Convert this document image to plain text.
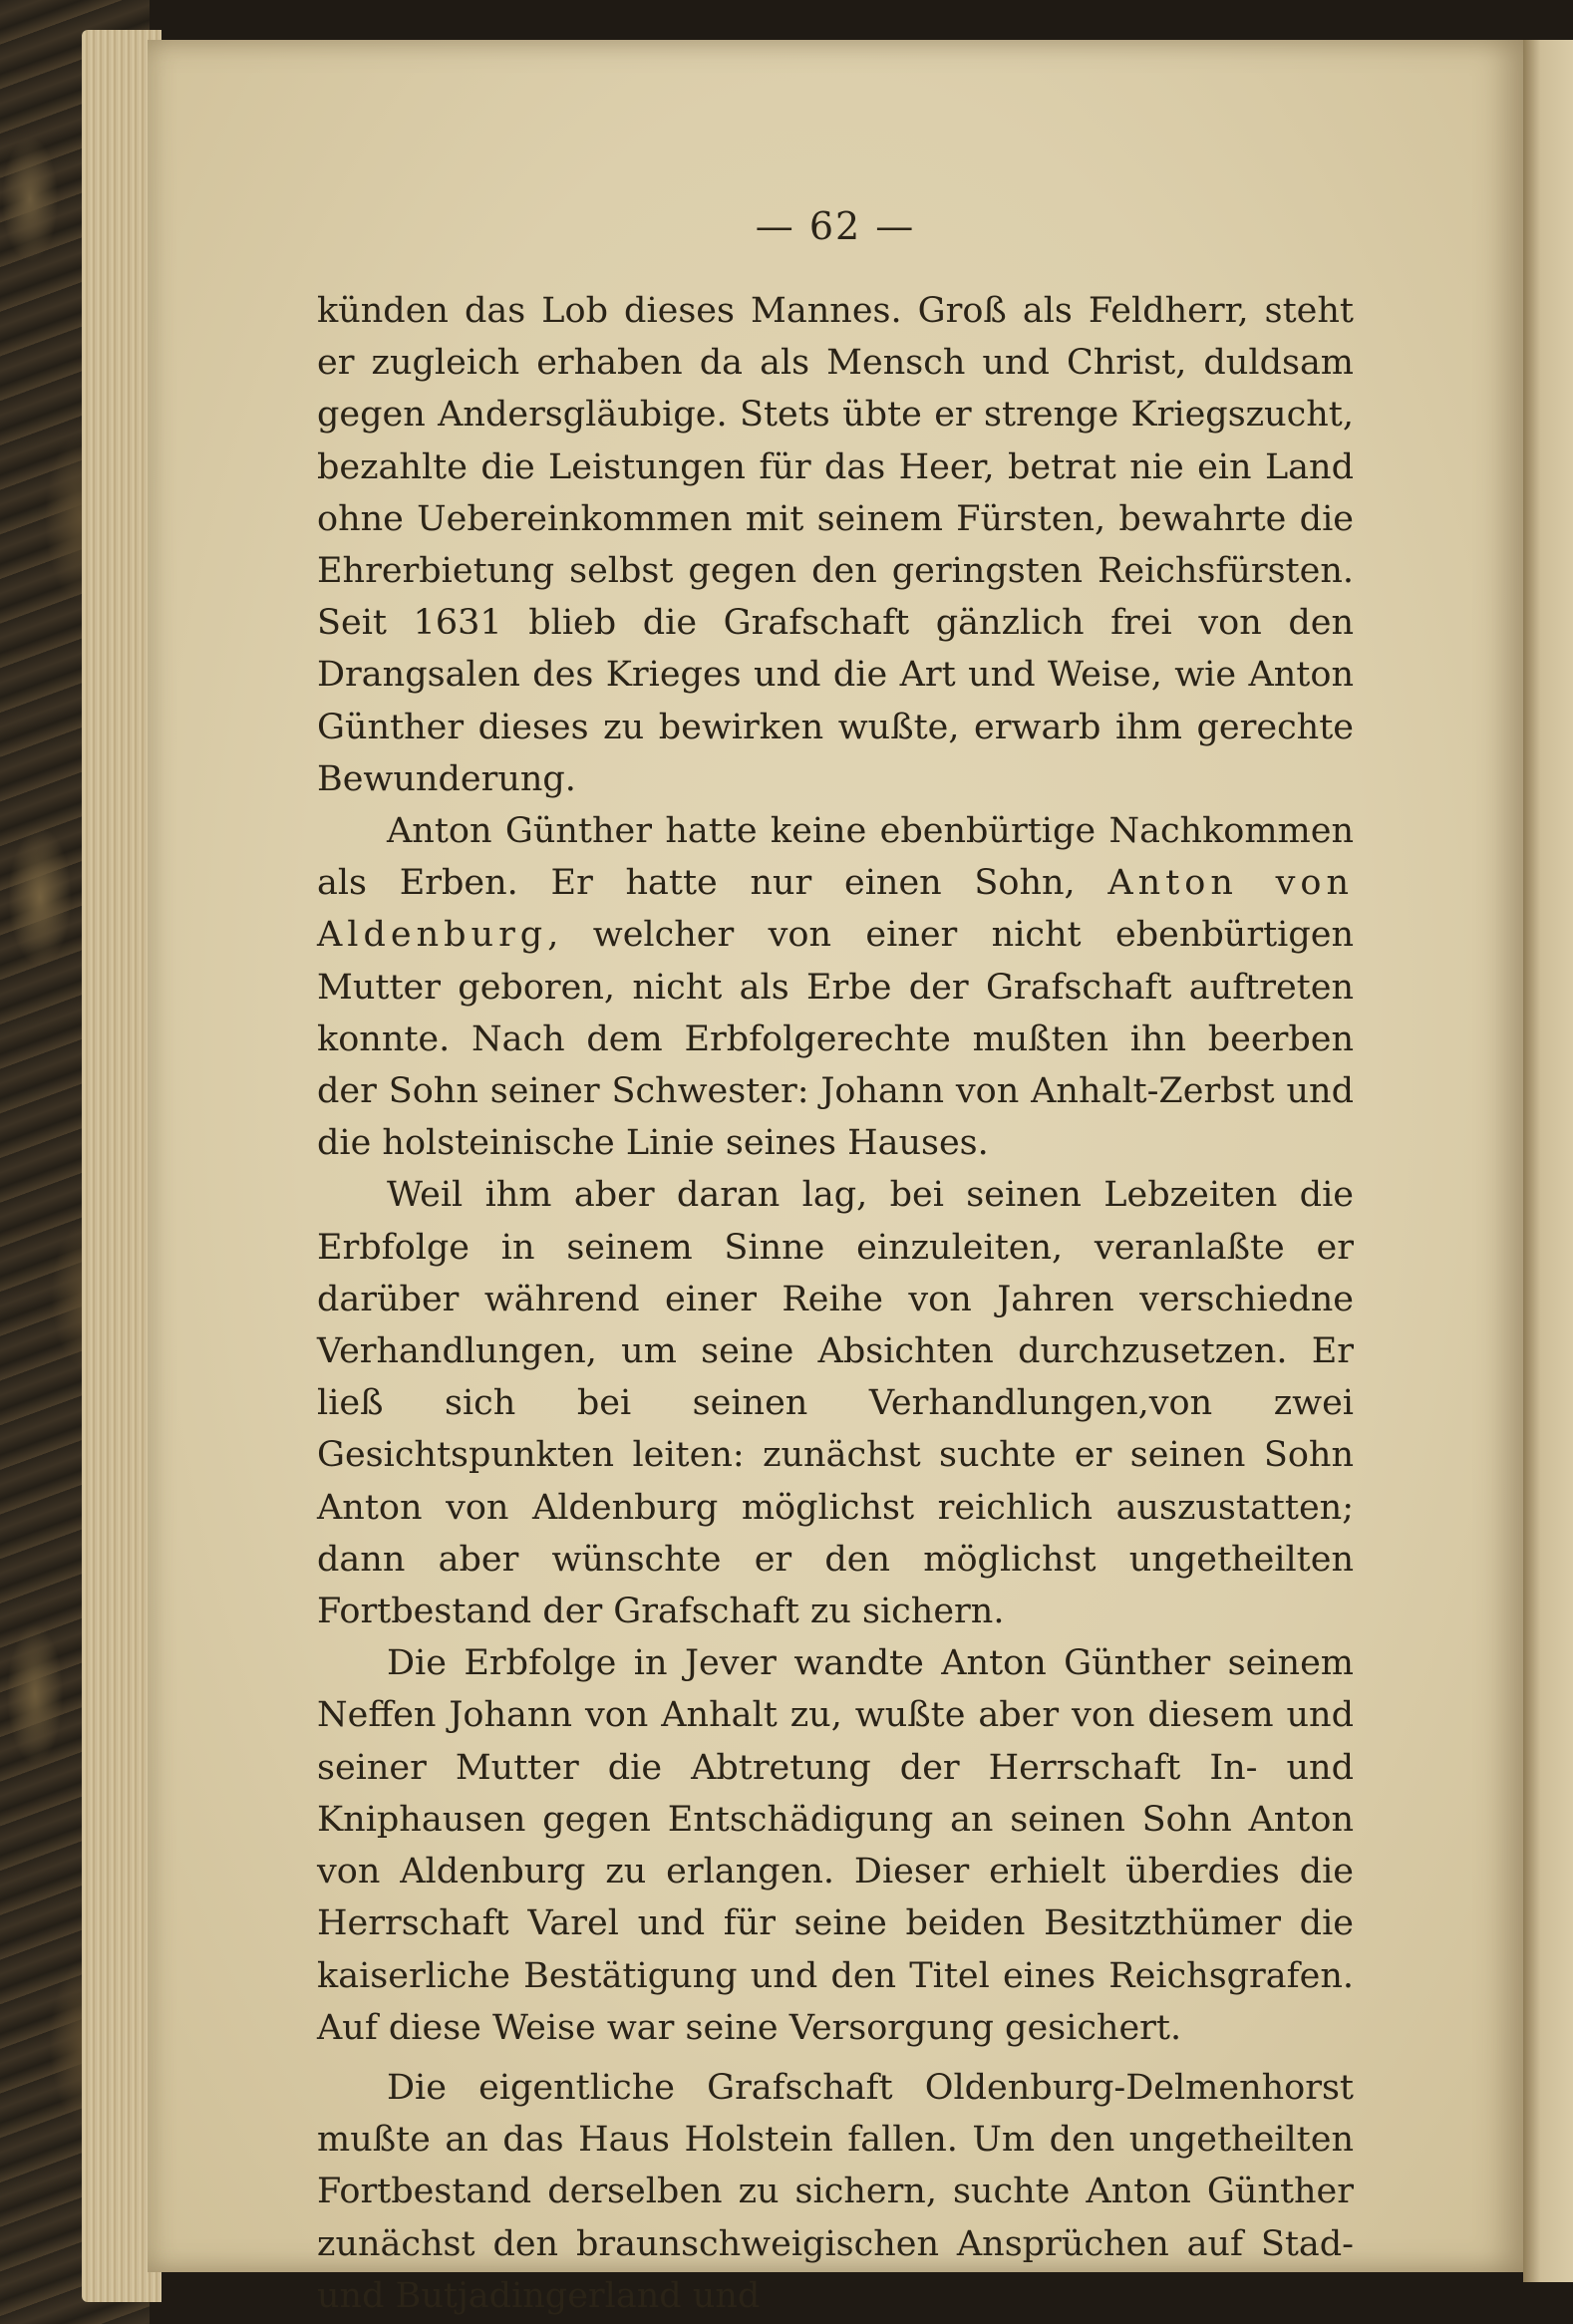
— 62 —

künden das Lob dieses Mannes. Groß als Feldherr, steht er zugleich erhaben da als Mensch und Christ, duldsam gegen Andersgläubige. Stets übte er strenge Kriegszucht, bezahlte die Leistungen für das Heer, betrat nie ein Land ohne Uebereinkommen mit seinem Fürsten, bewahrte die Ehrerbietung selbst gegen den geringsten Reichsfürsten. Seit 1631 blieb die Grafschaft gänzlich frei von den Drangsalen des Krieges und die Art und Weise, wie Anton Günther dieses zu bewirken wußte, erwarb ihm gerechte Bewunderung.

Anton Günther hatte keine ebenbürtige Nachkommen als Erben. Er hatte nur einen Sohn, Anton von Aldenburg, welcher von einer nicht ebenbürtigen Mutter geboren, nicht als Erbe der Grafschaft auftreten konnte. Nach dem Erbfolgerechte mußten ihn beerben der Sohn seiner Schwester: Johann von Anhalt-Zerbst und die holsteinische Linie seines Hauses.

Weil ihm aber daran lag, bei seinen Lebzeiten die Erbfolge in seinem Sinne einzuleiten, veranlaßte er darüber während einer Reihe von Jahren verschiedne Verhandlungen, um seine Absichten durchzusetzen. Er ließ sich bei seinen Verhandlungen,von zwei Gesichtspunkten leiten: zunächst suchte er seinen Sohn Anton von Aldenburg möglichst reichlich auszustatten; dann aber wünschte er den möglichst ungetheilten Fortbestand der Grafschaft zu sichern.

Die Erbfolge in Jever wandte Anton Günther seinem Neffen Johann von Anhalt zu, wußte aber von diesem und seiner Mutter die Abtretung der Herrschaft In- und Kniphausen gegen Entschädigung an seinen Sohn Anton von Aldenburg zu erlangen. Dieser erhielt überdies die Herrschaft Varel und für seine beiden Besitzthümer die kaiserliche Bestätigung und den Titel eines Reichsgrafen. Auf diese Weise war seine Versorgung gesichert.

Die eigentliche Grafschaft Oldenburg-Delmenhorst mußte an das Haus Holstein fallen. Um den ungetheilten Fortbestand derselben zu sichern, suchte Anton Günther zunächst den braunschweigischen Ansprüchen auf Stad- und Butjadingerland und
